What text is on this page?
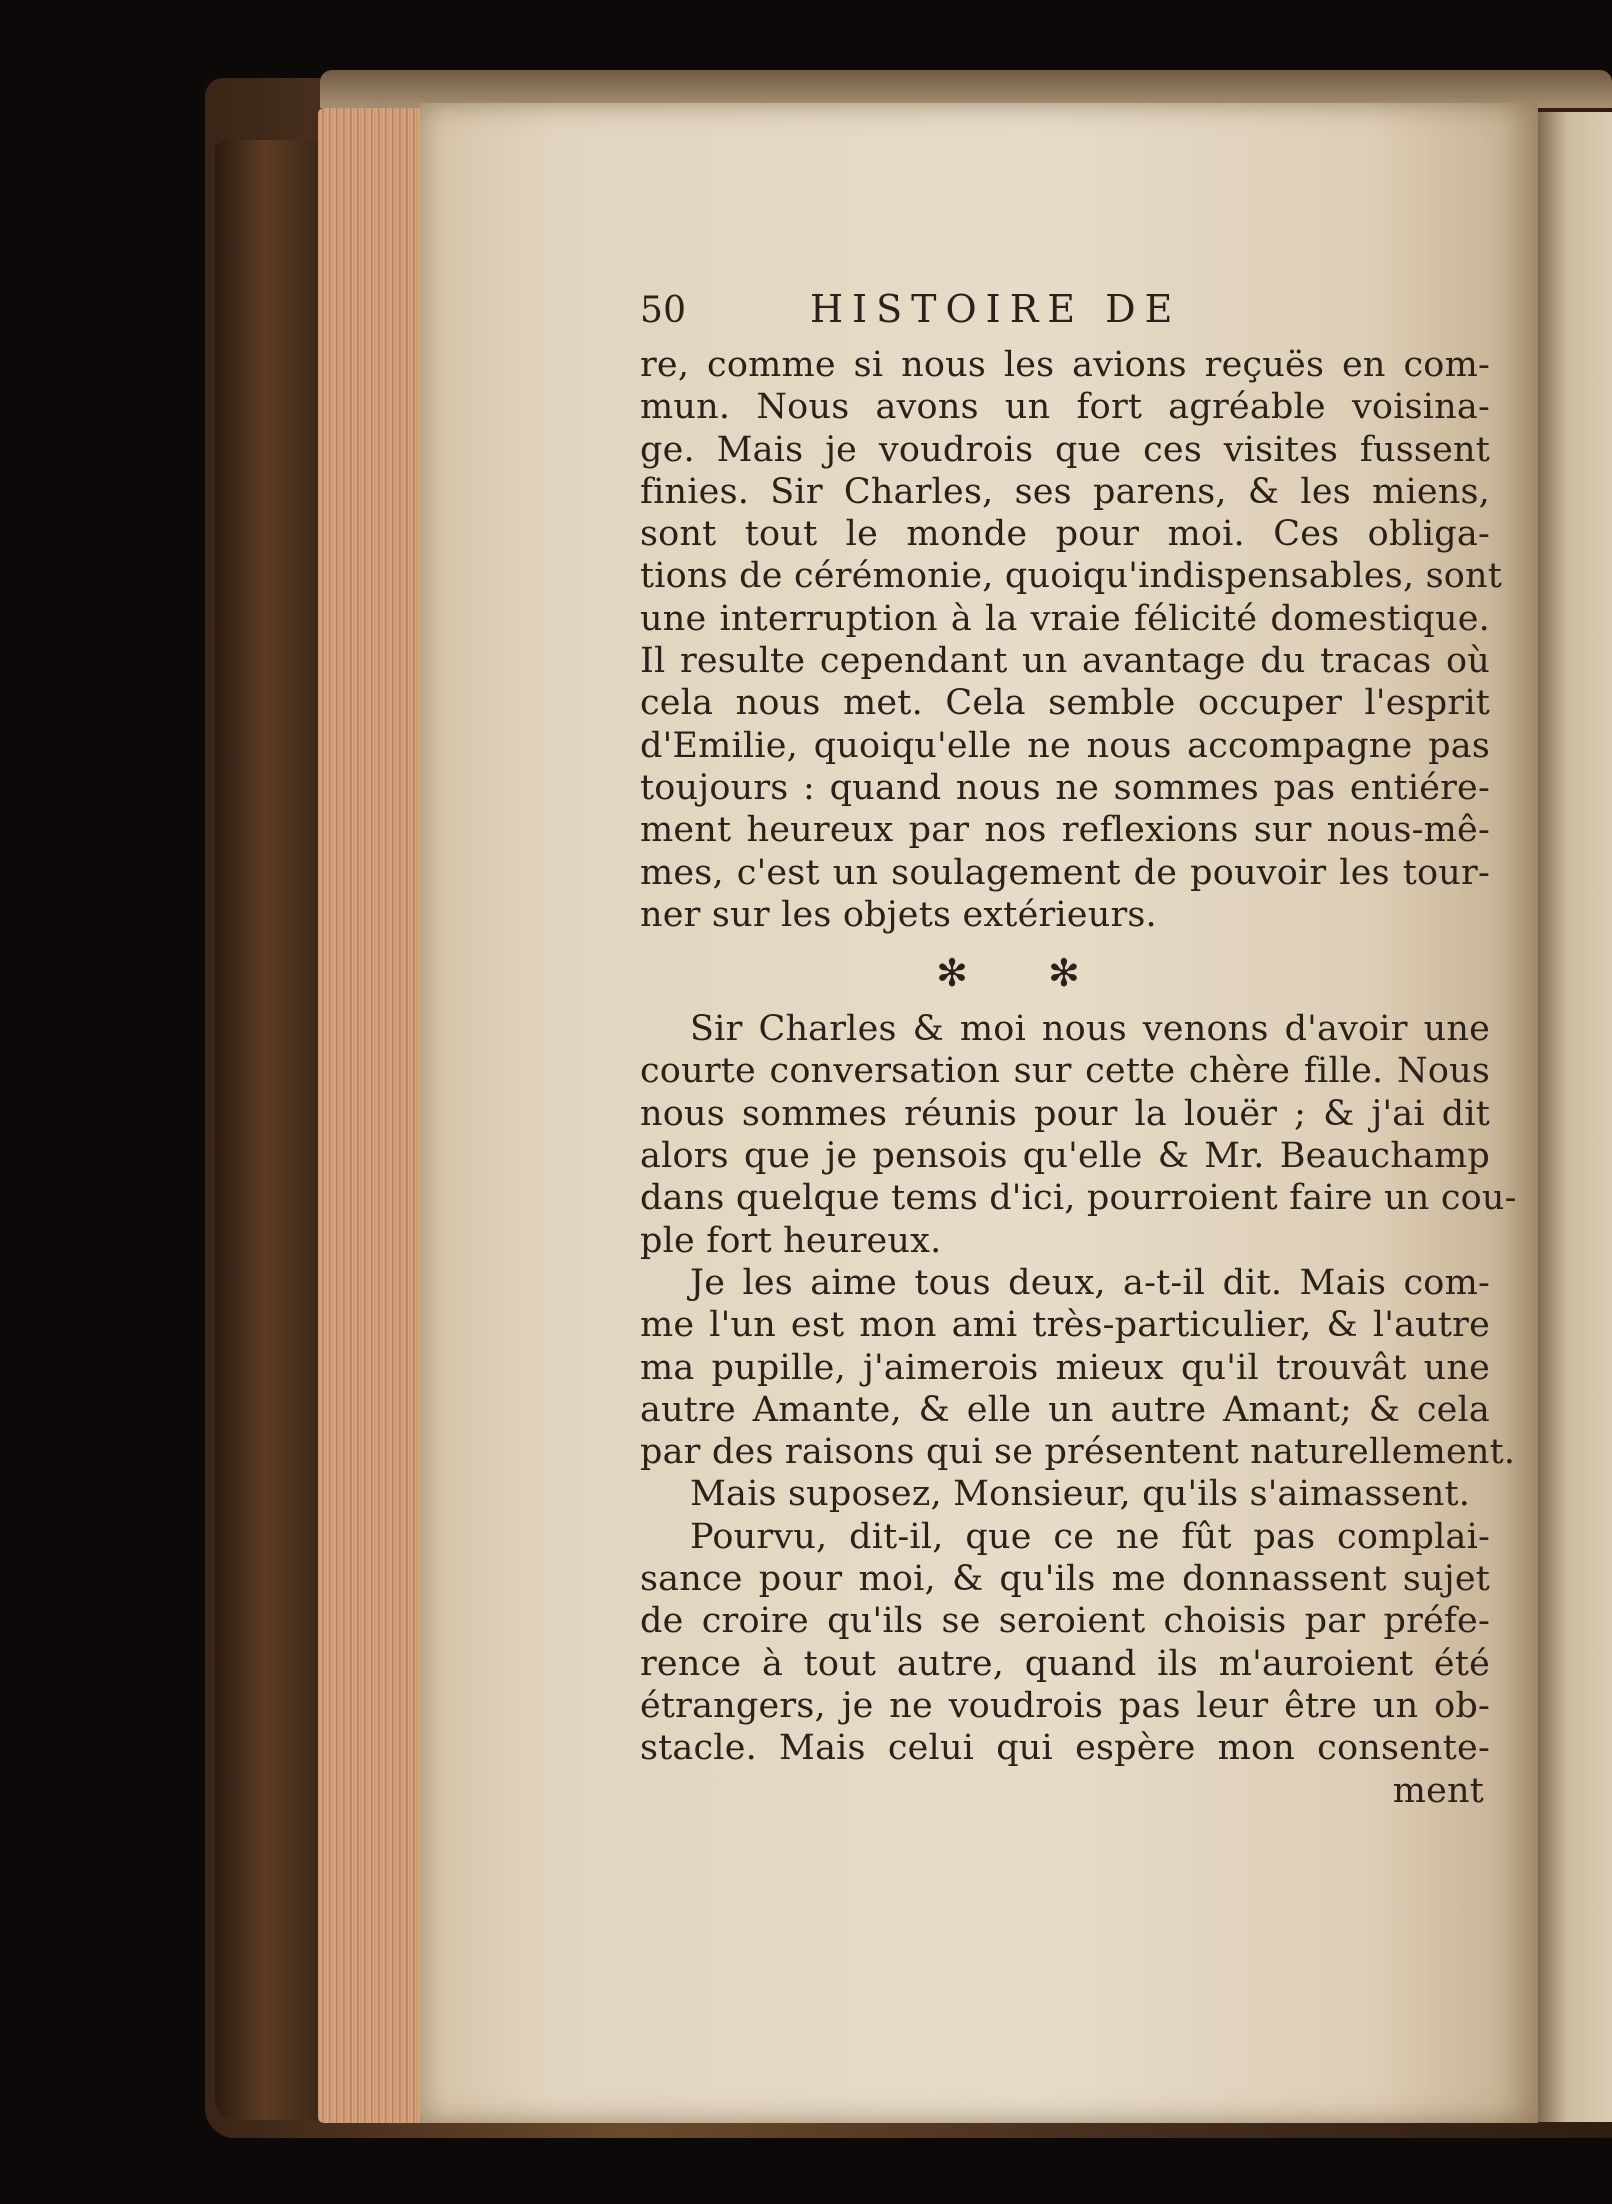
50	HISTOIRE DE
re, comme si nous les avions reçuës en com-
mun. Nous avons un fort agréable voisina-
ge. Mais je voudrois que ces visites fussent
finies. Sir Charles, ses parens, & les miens,
sont tout le monde pour moi. Ces obliga-
tions de cérémonie, quoiqu'indispensables, sont
une interruption à la vraie félicité domestique.
Il resulte cependant un avantage du tracas où
cela nous met. Cela semble occuper l'esprit
d'Emilie, quoiqu'elle ne nous accompagne pas
toujours : quand nous ne sommes pas entiére-
ment heureux par nos reflexions sur nous-mê-
mes, c'est un soulagement de pouvoir les tour-
ner sur les objets extérieurs.
✻ ✻
Sir Charles & moi nous venons d'avoir une
courte conversation sur cette chère fille. Nous
nous sommes réunis pour la louër ; & j'ai dit
alors que je pensois qu'elle & Mr. Beauchamp
dans quelque tems d'ici, pourroient faire un cou-
ple fort heureux.
Je les aime tous deux, a-t-il dit. Mais com-
me l'un est mon ami très-particulier, & l'autre
ma pupille, j'aimerois mieux qu'il trouvât une
autre Amante, & elle un autre Amant; & cela
par des raisons qui se présentent naturellement.
Mais suposez, Monsieur, qu'ils s'aimassent.
Pourvu, dit-il, que ce ne fût pas complai-
sance pour moi, & qu'ils me donnassent sujet
de croire qu'ils se seroient choisis par préfe-
rence à tout autre, quand ils m'auroient été
étrangers, je ne voudrois pas leur être un ob-
stacle. Mais celui qui espère mon consente-
ment
